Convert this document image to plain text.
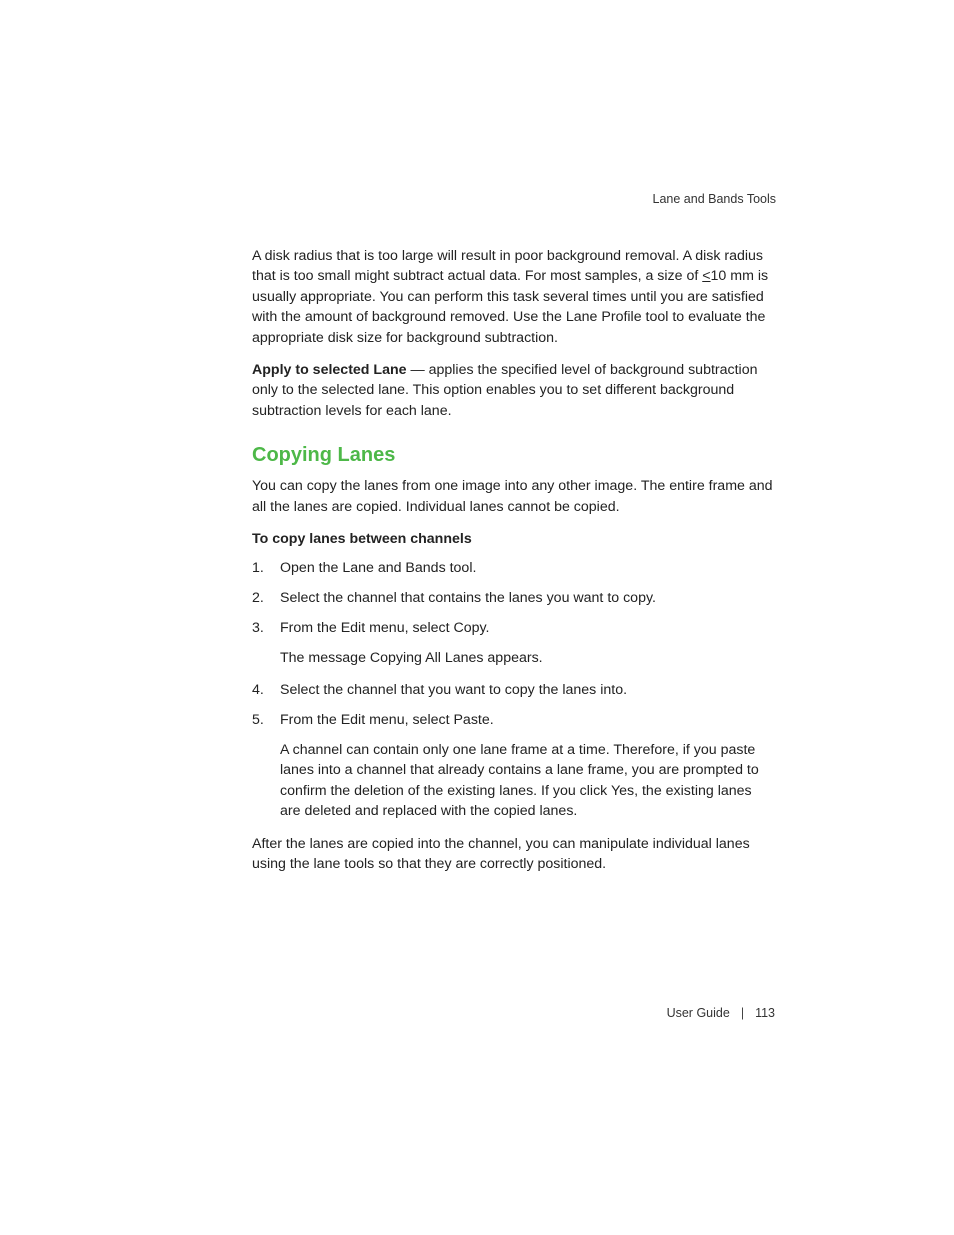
Lane and Bands Tools

A disk radius that is too large will result in poor background removal. A disk radius that is too small might subtract actual data. For most samples, a size of ≤10 mm is usually appropriate. You can perform this task several times until you are satisfied with the amount of background removed. Use the Lane Profile tool to evaluate the appropriate disk size for background subtraction.

Apply to selected Lane — applies the specified level of background subtraction only to the selected lane. This option enables you to set different background subtraction levels for each lane.

Copying Lanes

You can copy the lanes from one image into any other image. The entire frame and all the lanes are copied. Individual lanes cannot be copied.

To copy lanes between channels

1. Open the Lane and Bands tool.
2. Select the channel that contains the lanes you want to copy.
3. From the Edit menu, select Copy.
The message Copying All Lanes appears.
4. Select the channel that you want to copy the lanes into.
5. From the Edit menu, select Paste.
A channel can contain only one lane frame at a time. Therefore, if you paste lanes into a channel that already contains a lane frame, you are prompted to confirm the deletion of the existing lanes. If you click Yes, the existing lanes are deleted and replaced with the copied lanes.

After the lanes are copied into the channel, you can manipulate individual lanes using the lane tools so that they are correctly positioned.

User Guide | 113
